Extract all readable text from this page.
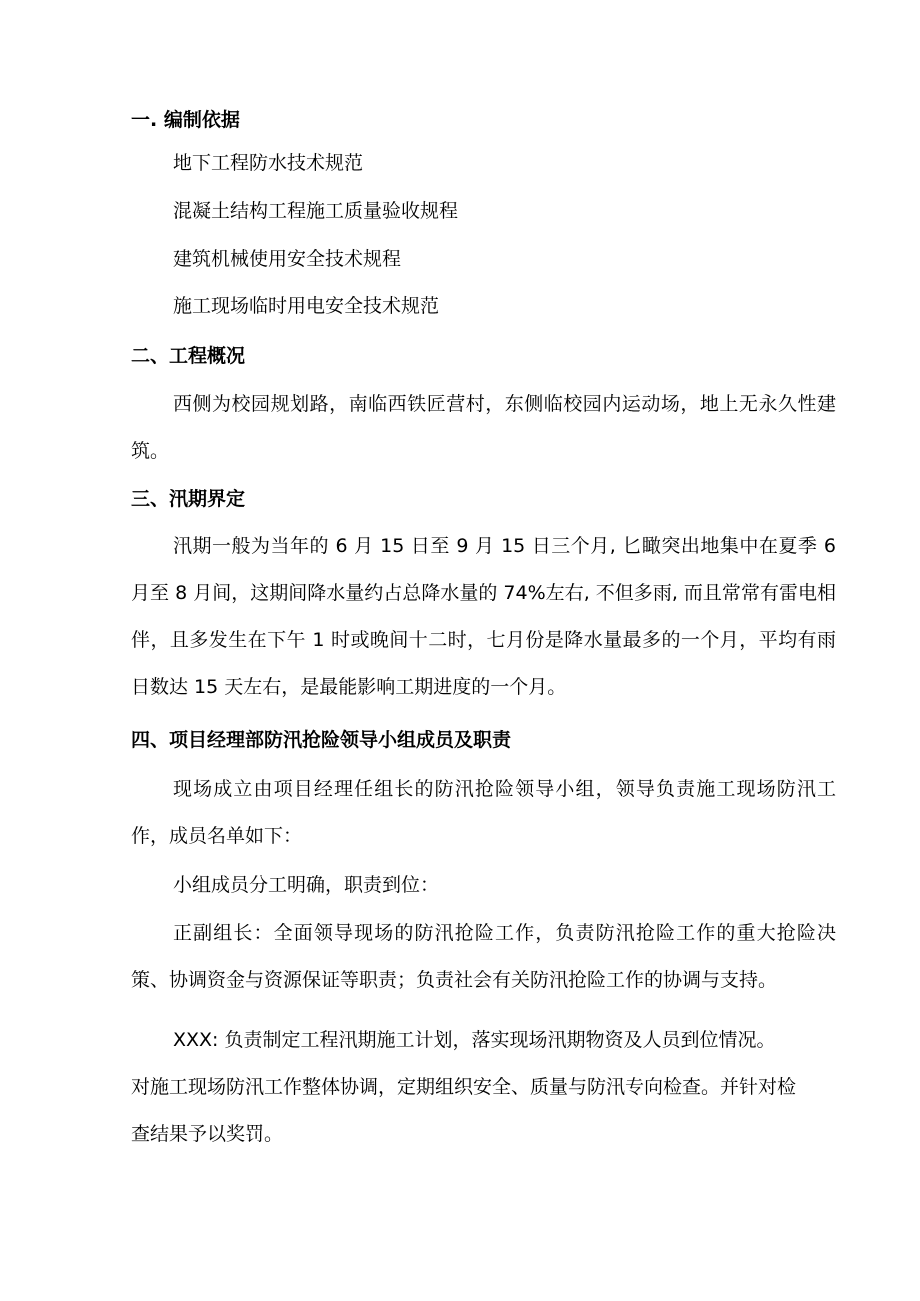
一. 编制依据
地下工程防水技术规范
混凝土结构工程施工质量验收规程
建筑机械使用安全技术规程
施工现场临时用电安全技术规范
二、工程概况
西侧为校园规划路，南临西铁匠营村，东侧临校园内运动场，地上无永久性建筑。
三、汛期界定
汛期一般为当年的 6 月 15 日至 9 月 15 日三个月, 匕瞰突出地集中在夏季 6 月至 8 月间，这期间降水量约占总降水量的 74%左右, 不但多雨, 而且常常有雷电相伴，且多发生在下午 1 时或晚间十二时，七月份是降水量最多的一个月，平均有雨日数达 15 天左右，是最能影响工期进度的一个月。
四、项目经理部防汛抢险领导小组成员及职责
现场成立由项目经理任组长的防汛抢险领导小组，领导负责施工现场防汛工作，成员名单如下：
小组成员分工明确，职责到位：
正副组长：全面领导现场的防汛抢险工作，负责防汛抢险工作的重大抢险决策、协调资金与资源保证等职责；负责社会有关防汛抢险工作的协调与支持。
XXX: 负责制定工程汛期施工计划，落实现场汛期物资及人员到位情况。
对施工现场防汛工作整体协调，定期组织安全、质量与防汛专向检查。并针对检
查结果予以奖罚。
